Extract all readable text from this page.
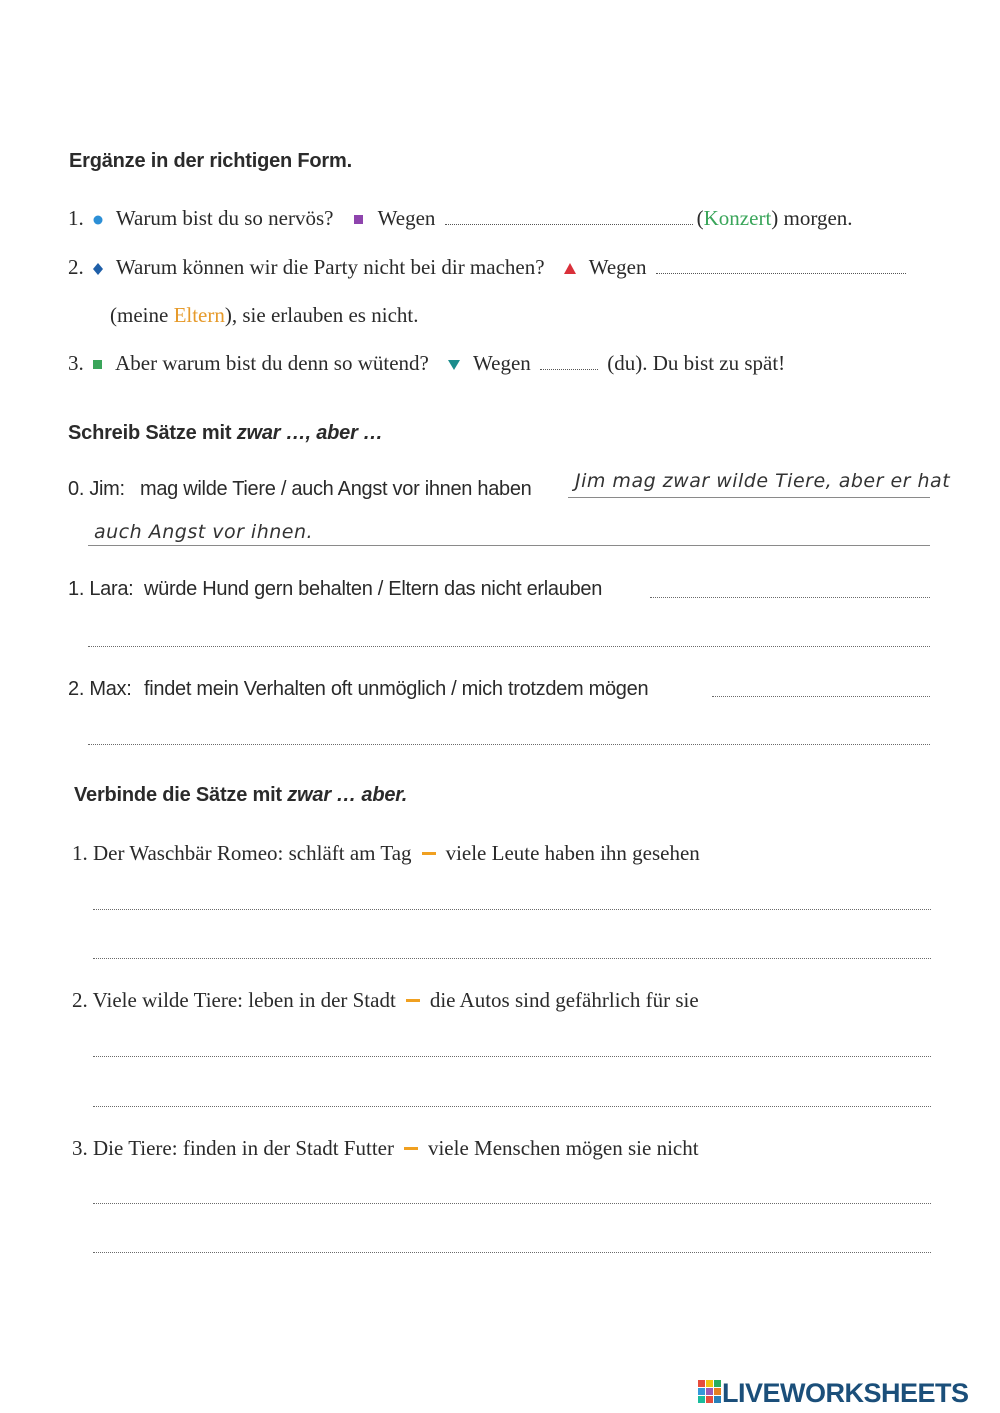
Ergänze in der richtigen Form.
1. Warum bist du so nervös? Wegen	(Konzert) morgen.
2. Warum können wir die Party nicht bei dir machen? Wegen
(meine Eltern), sie erlauben es nicht.
3. Aber warum bist du denn so wütend? Wegen	(du). Du bist zu spät!
Schreib Sätze mit zwar …, aber …
0. Jim: mag wilde Tiere / auch Angst vor ihnen haben Jim mag zwar wilde Tiere, aber er hat
auch Angst vor ihnen.
1. Lara: würde Hund gern behalten / Eltern das nicht erlauben
2. Max: findet mein Verhalten oft unmöglich / mich trotzdem mögen
Verbinde die Sätze mit zwar … aber.
1. Der Waschbär Romeo: schläft am Tag viele Leute haben ihn gesehen
2. Viele wilde Tiere: leben in der Stadt die Autos sind gefährlich für sie
3. Die Tiere: finden in der Stadt Futter viele Menschen mögen sie nicht
LIVEWORKSHEETS
